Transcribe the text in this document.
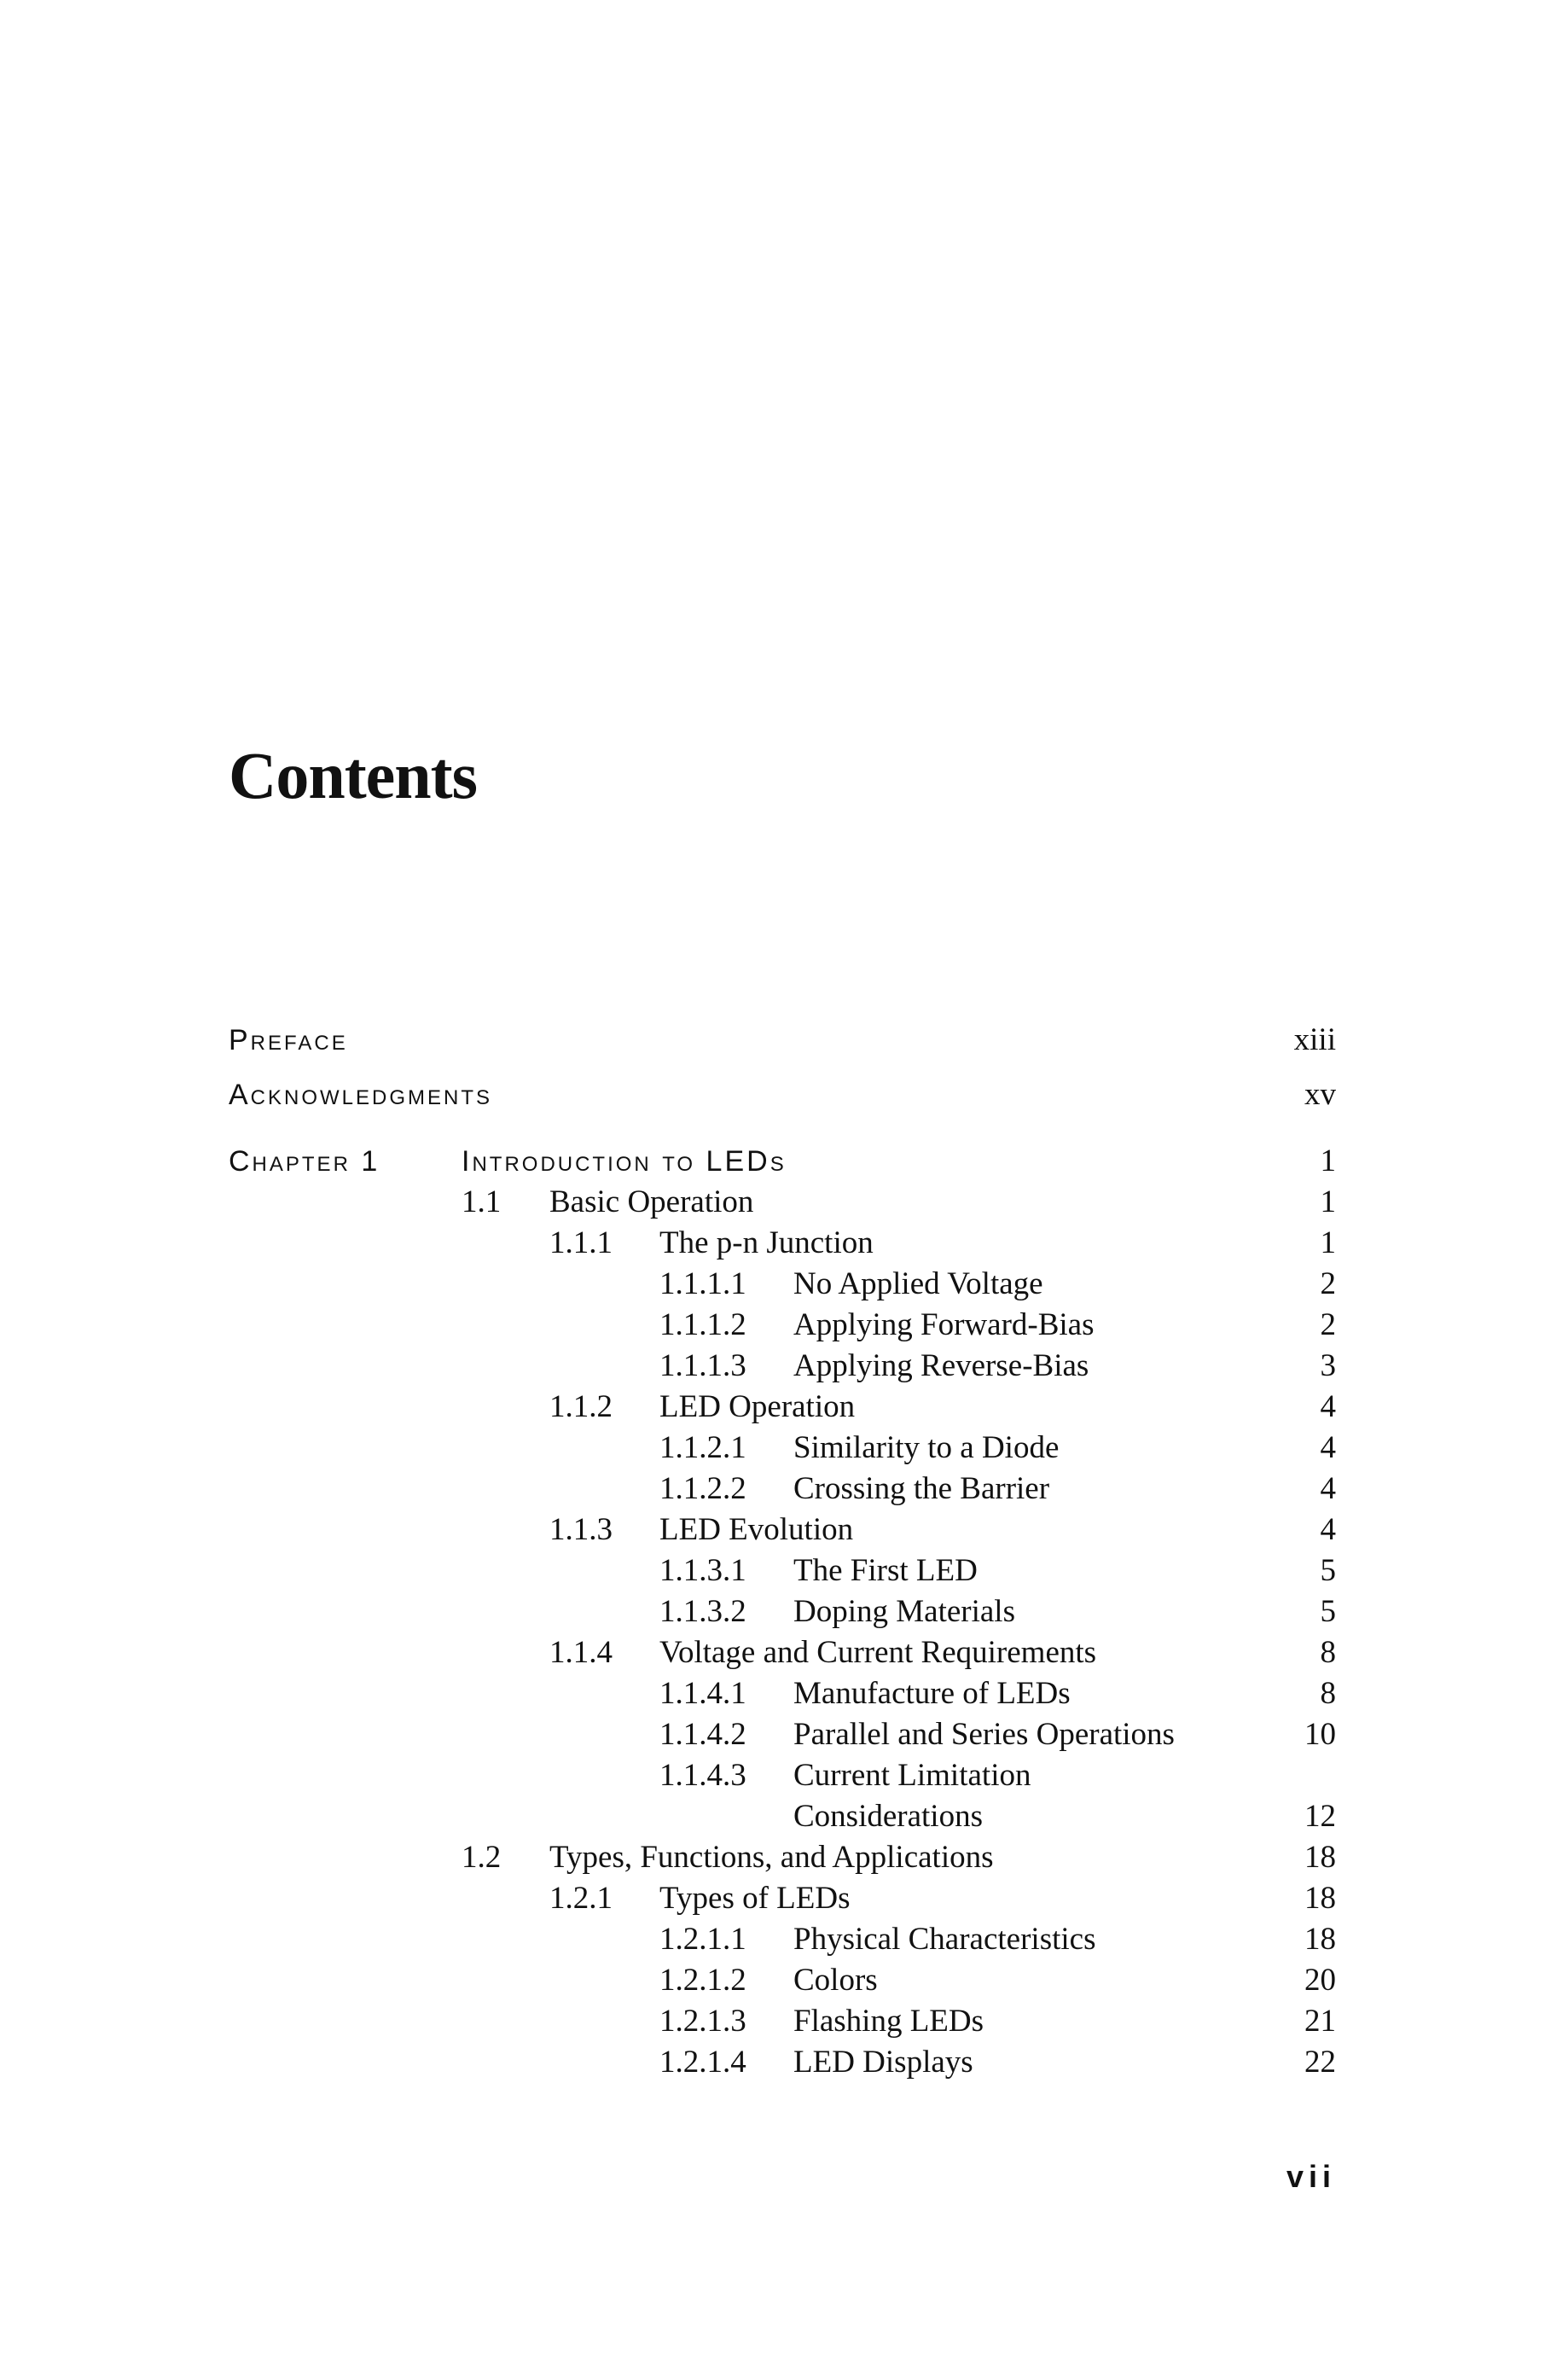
Contents
Preface	xiii
Acknowledgments	xv
Chapter 1	Introduction to LEDs	1
1.1 Basic Operation	1
1.1.1 The p-n Junction	1
1.1.1.1 No Applied Voltage	2
1.1.1.2 Applying Forward-Bias	2
1.1.1.3 Applying Reverse-Bias	3
1.1.2 LED Operation	4
1.1.2.1 Similarity to a Diode	4
1.1.2.2 Crossing the Barrier	4
1.1.3 LED Evolution	4
1.1.3.1 The First LED	5
1.1.3.2 Doping Materials	5
1.1.4 Voltage and Current Requirements	8
1.1.4.1 Manufacture of LEDs	8
1.1.4.2 Parallel and Series Operations	10
1.1.4.3 Current Limitation
Considerations	12
1.2 Types, Functions, and Applications	18
1.2.1 Types of LEDs	18
1.2.1.1 Physical Characteristics	18
1.2.1.2 Colors	20
1.2.1.3 Flashing LEDs	21
1.2.1.4 LED Displays	22
vii
